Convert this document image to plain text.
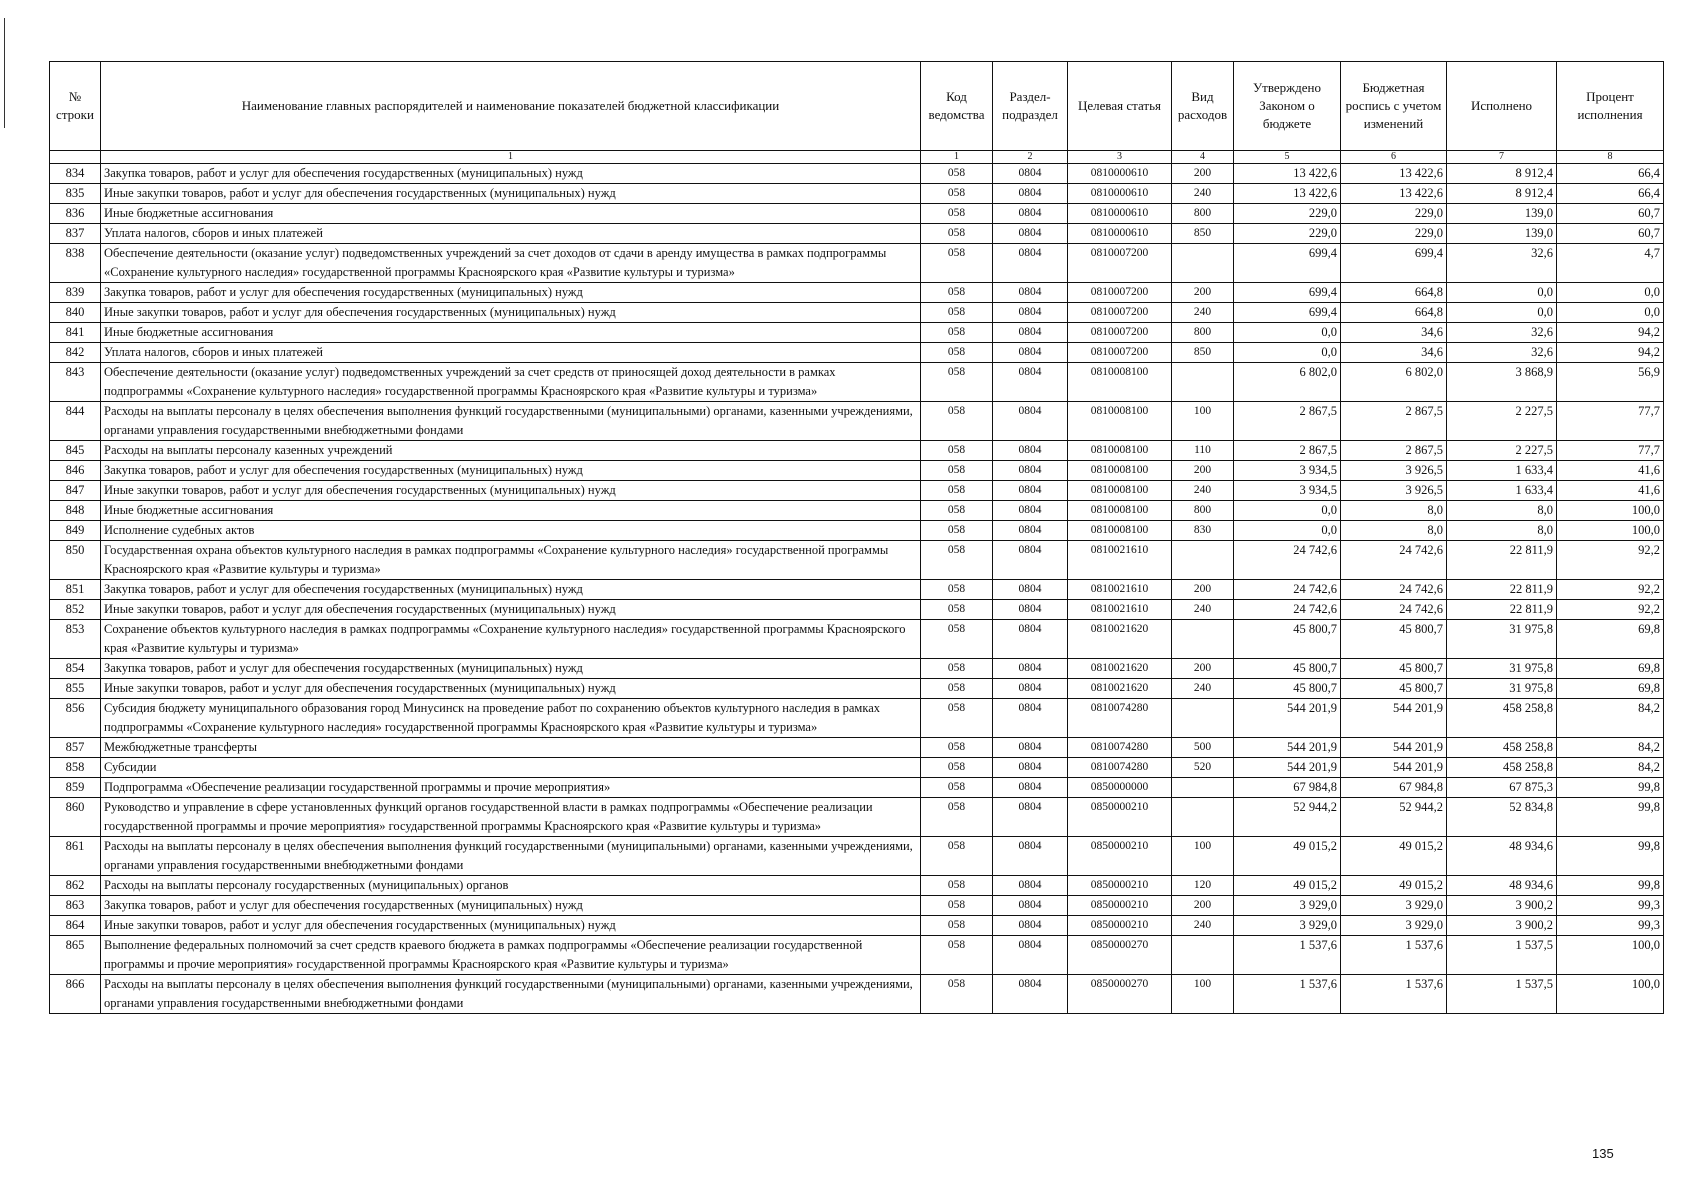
№ строки	Наименование главных распорядителей и наименование показателей бюджетной классификации	Код ведомства	Раздел-подраздел	Целевая статья	Вид расходов	Утверждено Законом о бюджете	Бюджетная роспись с учетом изменений	Исполнено	Процент исполнения
	1	1	2	3	4	5	6	7	8
834	Закупка товаров, работ и услуг для обеспечения государственных (муниципальных) нужд	058	0804	0810000610	200	13 422,6	13 422,6	8 912,4	66,4
835	Иные закупки товаров, работ и услуг для обеспечения государственных (муниципальных) нужд	058	0804	0810000610	240	13 422,6	13 422,6	8 912,4	66,4
836	Иные бюджетные ассигнования	058	0804	0810000610	800	229,0	229,0	139,0	60,7
837	Уплата налогов, сборов и иных платежей	058	0804	0810000610	850	229,0	229,0	139,0	60,7
838	Обеспечение деятельности (оказание услуг) подведомственных учреждений за счет доходов от сдачи в аренду имущества в рамках подпрограммы «Сохранение культурного наследия» государственной программы Красноярского края «Развитие культуры и туризма»	058	0804	0810007200		699,4	699,4	32,6	4,7
839	Закупка товаров, работ и услуг для обеспечения государственных (муниципальных) нужд	058	0804	0810007200	200	699,4	664,8	0,0	0,0
840	Иные закупки товаров, работ и услуг для обеспечения государственных (муниципальных) нужд	058	0804	0810007200	240	699,4	664,8	0,0	0,0
841	Иные бюджетные ассигнования	058	0804	0810007200	800	0,0	34,6	32,6	94,2
842	Уплата налогов, сборов и иных платежей	058	0804	0810007200	850	0,0	34,6	32,6	94,2
843	Обеспечение деятельности (оказание услуг) подведомственных учреждений за счет средств от приносящей доход деятельности в рамках подпрограммы «Сохранение культурного наследия» государственной программы Красноярского края «Развитие культуры и туризма»	058	0804	0810008100		6 802,0	6 802,0	3 868,9	56,9
844	Расходы на выплаты персоналу в целях обеспечения выполнения функций государственными (муниципальными) органами, казенными учреждениями, органами управления государственными внебюджетными фондами	058	0804	0810008100	100	2 867,5	2 867,5	2 227,5	77,7
845	Расходы на выплаты персоналу казенных учреждений	058	0804	0810008100	110	2 867,5	2 867,5	2 227,5	77,7
846	Закупка товаров, работ и услуг для обеспечения государственных (муниципальных) нужд	058	0804	0810008100	200	3 934,5	3 926,5	1 633,4	41,6
847	Иные закупки товаров, работ и услуг для обеспечения государственных (муниципальных) нужд	058	0804	0810008100	240	3 934,5	3 926,5	1 633,4	41,6
848	Иные бюджетные ассигнования	058	0804	0810008100	800	0,0	8,0	8,0	100,0
849	Исполнение судебных актов	058	0804	0810008100	830	0,0	8,0	8,0	100,0
850	Государственная охрана объектов культурного наследия в рамках подпрограммы «Сохранение культурного наследия» государственной программы Красноярского края «Развитие культуры и туризма»	058	0804	0810021610		24 742,6	24 742,6	22 811,9	92,2
851	Закупка товаров, работ и услуг для обеспечения государственных (муниципальных) нужд	058	0804	0810021610	200	24 742,6	24 742,6	22 811,9	92,2
852	Иные закупки товаров, работ и услуг для обеспечения государственных (муниципальных) нужд	058	0804	0810021610	240	24 742,6	24 742,6	22 811,9	92,2
853	Сохранение объектов культурного наследия в рамках подпрограммы «Сохранение культурного наследия» государственной программы Красноярского края «Развитие культуры и туризма»	058	0804	0810021620		45 800,7	45 800,7	31 975,8	69,8
854	Закупка товаров, работ и услуг для обеспечения государственных (муниципальных) нужд	058	0804	0810021620	200	45 800,7	45 800,7	31 975,8	69,8
855	Иные закупки товаров, работ и услуг для обеспечения государственных (муниципальных) нужд	058	0804	0810021620	240	45 800,7	45 800,7	31 975,8	69,8
856	Субсидия бюджету муниципального образования город Минусинск на проведение работ по сохранению объектов культурного наследия в рамках подпрограммы «Сохранение культурного наследия» государственной программы Красноярского края «Развитие культуры и туризма»	058	0804	0810074280		544 201,9	544 201,9	458 258,8	84,2
857	Межбюджетные трансферты	058	0804	0810074280	500	544 201,9	544 201,9	458 258,8	84,2
858	Субсидии	058	0804	0810074280	520	544 201,9	544 201,9	458 258,8	84,2
859	Подпрограмма «Обеспечение реализации государственной программы и прочие мероприятия»	058	0804	0850000000		67 984,8	67 984,8	67 875,3	99,8
860	Руководство и управление в сфере установленных функций органов государственной власти в рамках подпрограммы «Обеспечение реализации государственной программы и прочие мероприятия» государственной программы Красноярского края «Развитие культуры и туризма»	058	0804	0850000210		52 944,2	52 944,2	52 834,8	99,8
861	Расходы на выплаты персоналу в целях обеспечения выполнения функций государственными (муниципальными) органами, казенными учреждениями, органами управления государственными внебюджетными фондами	058	0804	0850000210	100	49 015,2	49 015,2	48 934,6	99,8
862	Расходы на выплаты персоналу государственных (муниципальных) органов	058	0804	0850000210	120	49 015,2	49 015,2	48 934,6	99,8
863	Закупка товаров, работ и услуг для обеспечения государственных (муниципальных) нужд	058	0804	0850000210	200	3 929,0	3 929,0	3 900,2	99,3
864	Иные закупки товаров, работ и услуг для обеспечения государственных (муниципальных) нужд	058	0804	0850000210	240	3 929,0	3 929,0	3 900,2	99,3
865	Выполнение федеральных полномочий за счет средств краевого бюджета в рамках подпрограммы «Обеспечение реализации государственной программы и прочие мероприятия» государственной программы Красноярского края «Развитие культуры и туризма»	058	0804	0850000270		1 537,6	1 537,6	1 537,5	100,0
866	Расходы на выплаты персоналу в целях обеспечения выполнения функций государственными (муниципальными) органами, казенными учреждениями, органами управления государственными внебюджетными фондами	058	0804	0850000270	100	1 537,6	1 537,6	1 537,5	100,0
135
